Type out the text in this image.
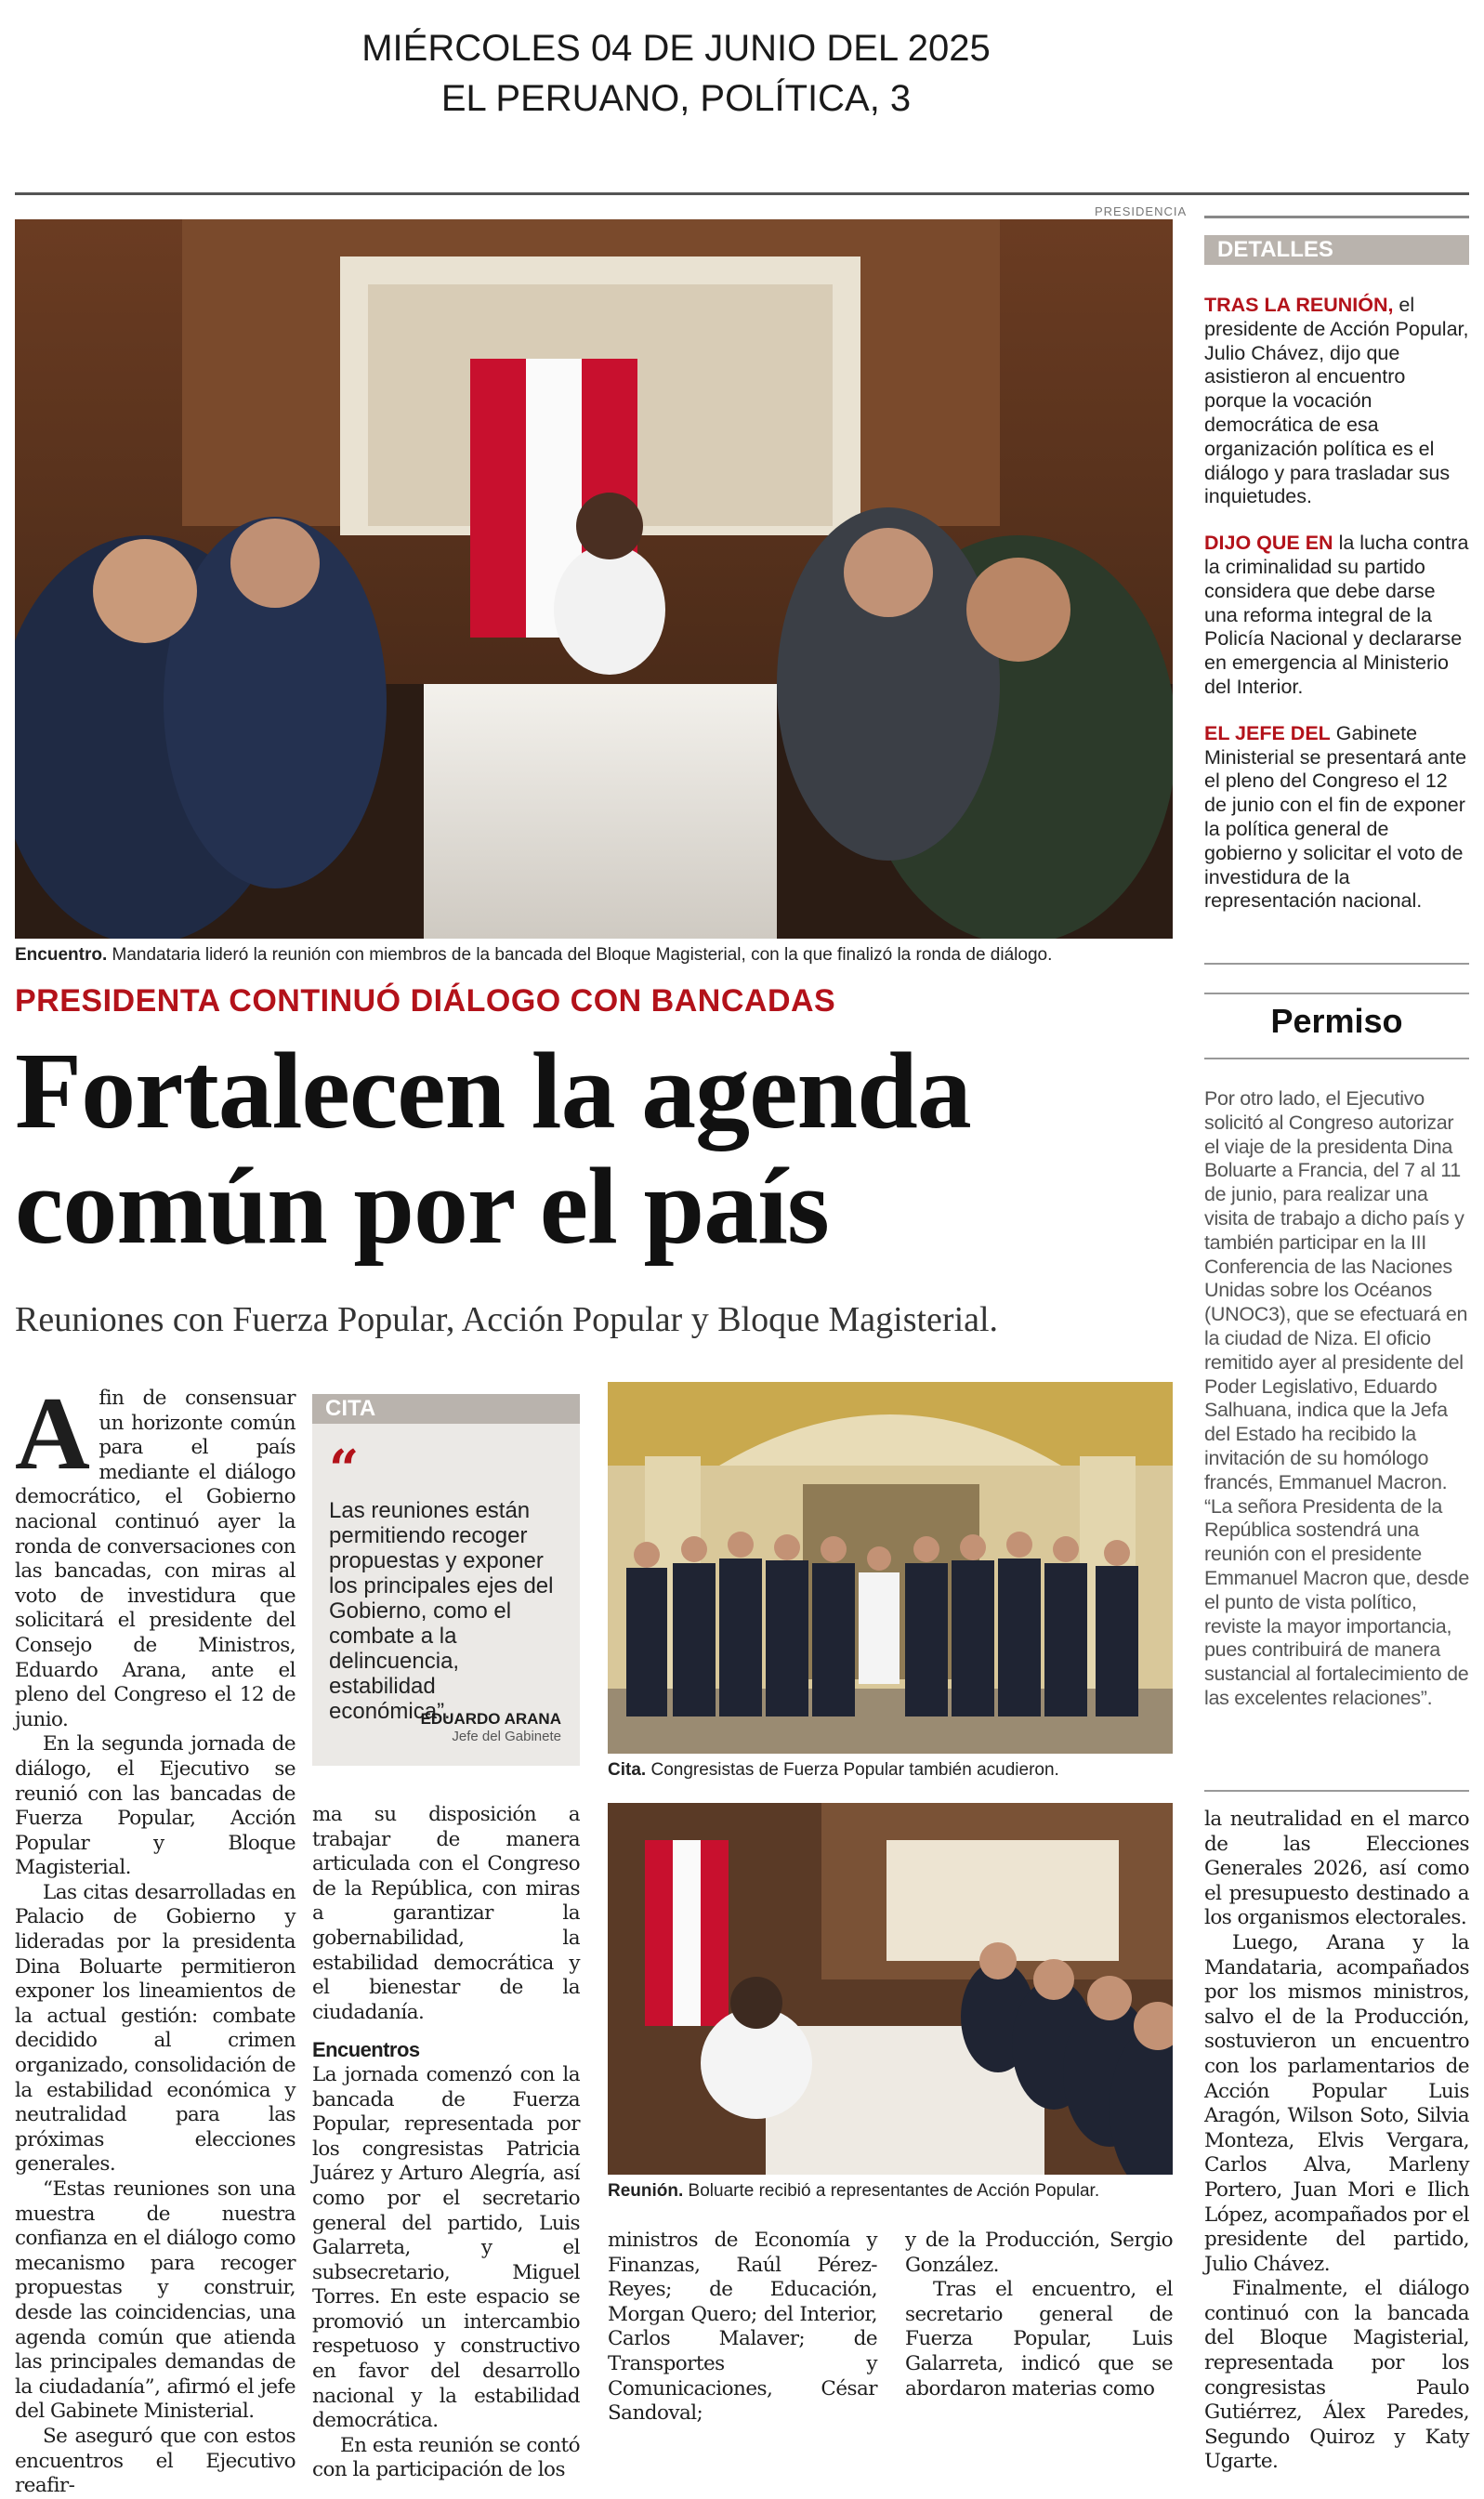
MIÉRCOLES 04 DE JUNIO DEL 2025
EL PERUANO, POLÍTICA, 3
PRESIDENCIA
Encuentro. Mandataria lideró la reunión con miembros de la bancada del Bloque Magisterial, con la que finalizó la ronda de diálogo.
DETALLES

TRAS LA REUNIÓN, el presidente de Acción Popular, Julio Chávez, dijo que asistieron al encuentro porque la vocación democrática de esa organización política es el diálogo y para trasladar sus inquietudes.

DIJO QUE EN la lucha contra la criminalidad su partido considera que debe darse una reforma integral de la Policía Nacional y declararse en emergencia al Ministerio del Interior.

EL JEFE DEL Gabinete Ministerial se presentará ante el pleno del Congreso el 12 de junio con el fin de exponer la política general de gobierno y solicitar el voto de investidura de la representación nacional.

PRESIDENTA CONTINUÓ DIÁLOGO CON BANCADAS
Fortalecen la agenda
común por el país
Reuniones con Fuerza Popular, Acción Popular y Bloque Magisterial.

Afin de consensuar un horizonte común para el país mediante el diálogo democrático, el Gobierno nacional continuó ayer la ronda de conversaciones con las bancadas, con miras al voto de investidura que solicitará el presidente del Consejo de Ministros, Eduardo Arana, ante el pleno del Congreso el 12 de junio.

En la segunda jornada de diálogo, el Ejecutivo se reunió con las bancadas de Fuerza Popular, Acción Popular y Bloque Magisterial.

Las citas desarrolladas en Palacio de Gobierno y lideradas por la presidenta Dina Boluarte permitieron exponer los lineamientos de la actual gestión: combate decidido al crimen organizado, consolidación de la estabilidad económica y neutralidad para las próximas elecciones generales.

“Estas reuniones son una muestra de nuestra confianza en el diálogo como mecanismo para recoger propuestas y construir, desde las coincidencias, una agenda común que atienda las principales demandas de la ciudadanía”, afirmó el jefe del Gabinete Ministerial.

Se aseguró que con estos encuentros el Ejecutivo reafir-

CITA
“
Las reuniones están permitiendo recoger propuestas y exponer los principales ejes del Gobierno, como el combate a la delincuencia, estabilidad económica”.
EDUARDO ARANA
Jefe del Gabinete
Cita. Congresistas de Fuerza Popular también acudieron.
Permiso
Por otro lado, el Ejecutivo solicitó al Congreso autorizar el viaje de la presidenta Dina Boluarte a Francia, del 7 al 11 de junio, para realizar una visita de trabajo a dicho país y también participar en la III Conferencia de las Naciones Unidas sobre los Océanos (UNOC3), que se efectuará en la ciudad de Niza. El oficio remitido ayer al presidente del Poder Legislativo, Eduardo Salhuana, indica que la Jefa del Estado ha recibido la invitación de su homólogo francés, Emmanuel Macron. “La señora Presidenta de la República sostendrá una reunión con el presidente Emmanuel Macron que, desde el punto de vista político, reviste la mayor importancia, pues contribuirá de manera sustancial al fortalecimiento de las excelentes relaciones”.

ma su disposición a trabajar de manera articulada con el Congreso de la República, con miras a garantizar la gobernabilidad, la estabilidad democrática y el bienestar de la ciudadanía.

Encuentros

La jornada comenzó con la bancada de Fuerza Popular, representada por los congresistas Patricia Juárez y Arturo Alegría, así como por el secretario general del partido, Luis Galarreta, y el subsecretario, Miguel Torres. En este espacio se promovió un intercambio respetuoso y constructivo en favor del desarrollo nacional y la estabilidad democrática.

En esta reunión se contó con la participación de los

Reunión. Boluarte recibió a representantes de Acción Popular.

ministros de Economía y Finanzas, Raúl Pérez-Reyes; de Educación, Morgan Quero; del Interior, Carlos Malaver; de Transportes y Comunicaciones, César Sandoval;

y de la Producción, Sergio González.

Tras el encuentro, el secretario general de Fuerza Popular, Luis Galarreta, indicó que se abordaron materias como

la neutralidad en el marco de las Elecciones Generales 2026, así como el presupuesto destinado a los organismos electorales.

Luego, Arana y la Mandataria, acompañados por los mismos ministros, salvo el de la Producción, sostuvieron un encuentro con los parlamentarios de Acción Popular Luis Aragón, Wilson Soto, Silvia Monteza, Elvis Vergara, Carlos Alva, Marleny Portero, Juan Mori e Ilich López, acompañados por el presidente del partido, Julio Chávez.

Finalmente, el diálogo continuó con la bancada del Bloque Magisterial, representada por los congresistas Paulo Gutiérrez, Álex Paredes, Segundo Quiroz y Katy Ugarte.
